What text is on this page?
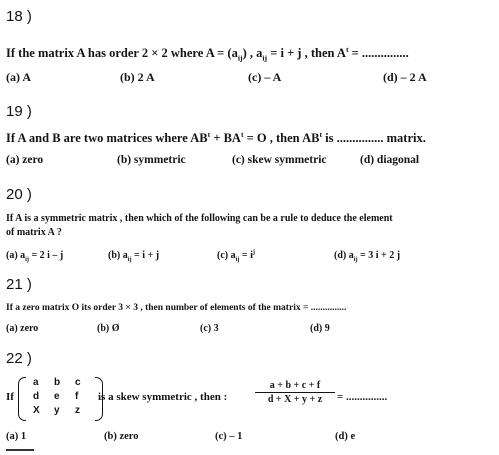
18 )
If the matrix A has order 2 × 2 where $A = (a_{ij})$ , $a_{ij} = i + j$ , then $A^t$ = ...............
(a) A	(b) 2 A	(c) – A	(d) – 2 A
19 )
If A and B are two matrices where $AB^t + BA^t = O$ , then $AB^t$ is ............... matrix.
(a) zero	(b) symmetric	(c) skew symmetric	(d) diagonal
20 )
If A is a symmetric matrix , then which of the following can be a rule to deduce the element
of matrix A ?
(a) $a_{ij} = 2$ i – j	(b) $a_{ij} = i + j$	(c) $a_{ij} = i^j$	(d) $a_{ij} = 3$ i + 2 j
21 )
If a zero matrix O its order 3 × 3 , then number of elements of the matrix = ...............
(a) zero	(b) Ø	(c) 3	(d) 9
22 )
If
a b c
d e f
X y z
is a skew symmetric , then :	$\frac{a + b + c + f}{d + X + y + z}$ = ...............
(a) 1	(b) zero	(c) – 1	(d) e
